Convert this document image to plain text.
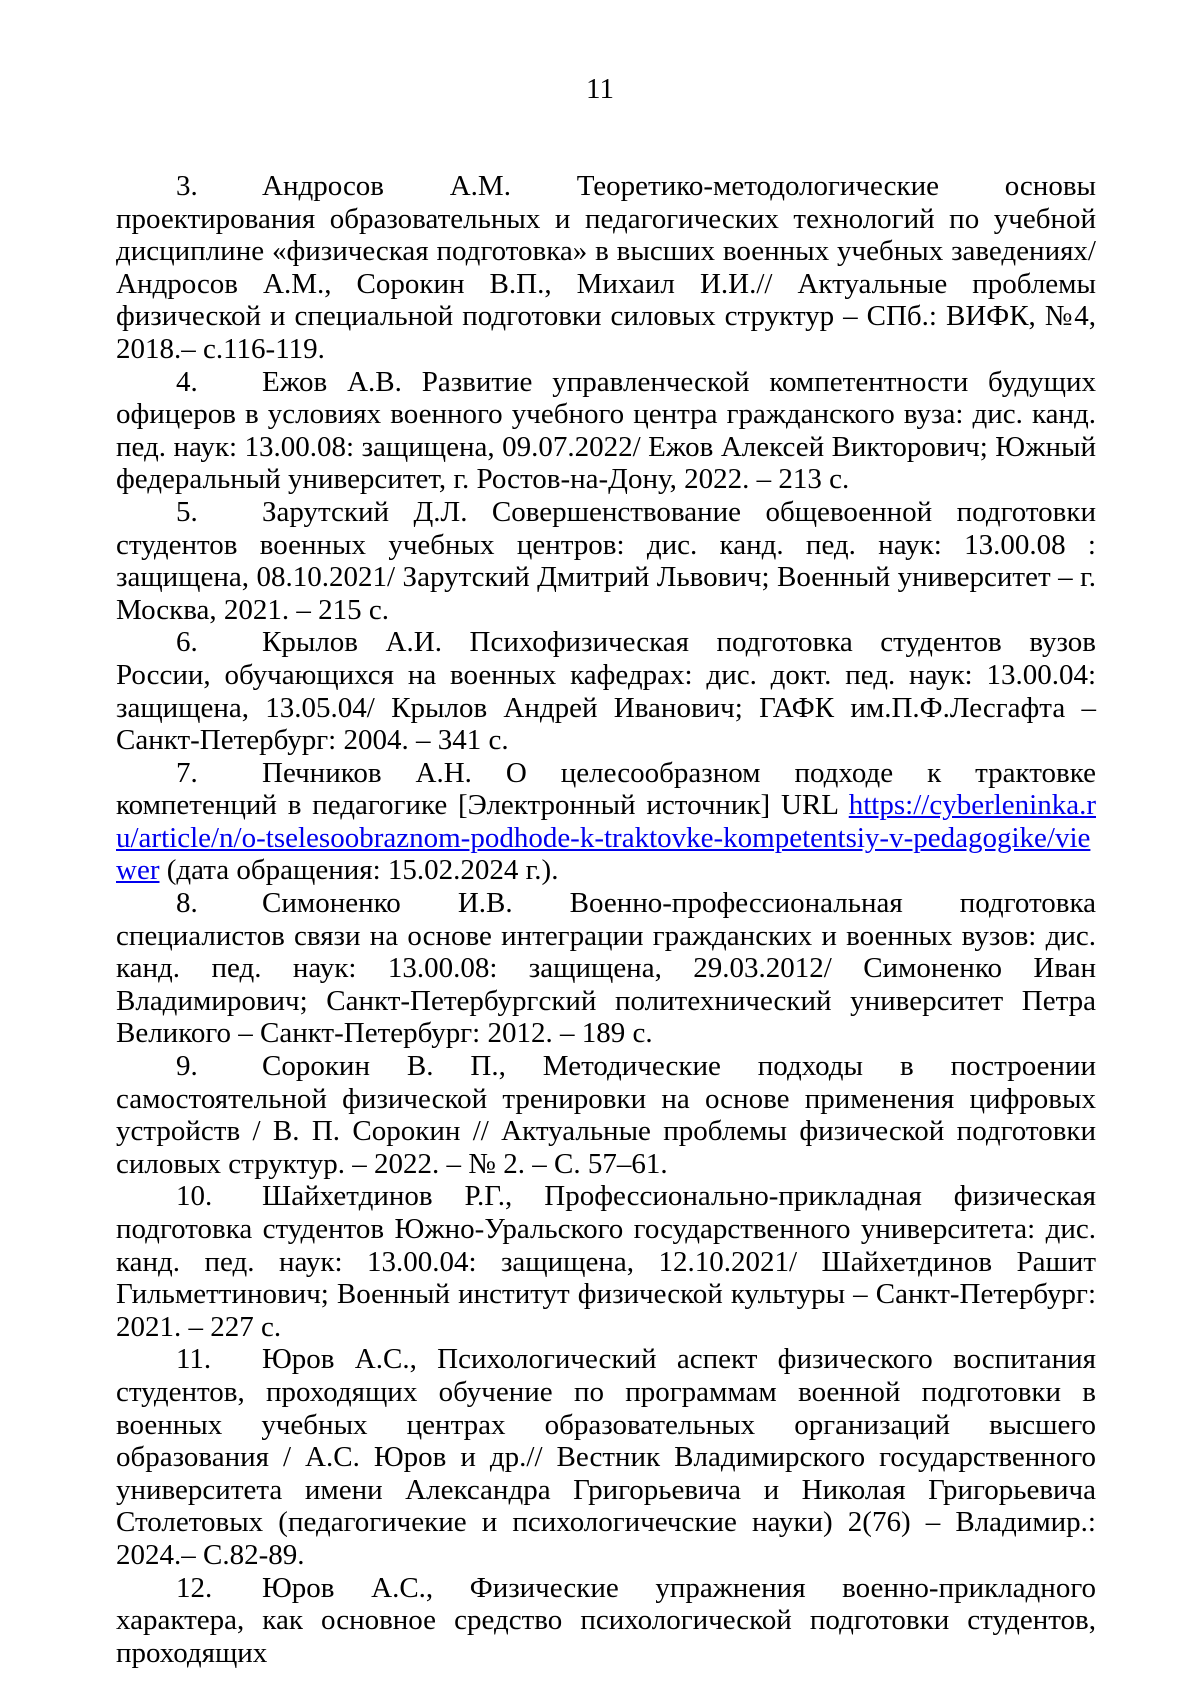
11

3. Андросов А.М. Теоретико-методологические основы проектирования образовательных и педагогических технологий по учебной дисциплине «физическая подготовка» в высших военных учебных заведениях/ Андросов А.М., Сорокин В.П., Михаил И.И.// Актуальные проблемы физической и специальной подготовки силовых структур – СПб.: ВИФК, №4, 2018.– с.116-119.

4. Ежов А.В. Развитие управленческой компетентности будущих офицеров в условиях военного учебного центра гражданского вуза: дис. канд. пед. наук: 13.00.08: защищена, 09.07.2022/ Ежов Алексей Викторович; Южный федеральный университет, г. Ростов-на-Дону, 2022. – 213 с.

5. Зарутский Д.Л. Совершенствование общевоенной подготовки студентов военных учебных центров: дис. канд. пед. наук: 13.00.08 : защищена, 08.10.2021/ Зарутский Дмитрий Львович; Военный университет – г. Москва, 2021. – 215 с.

6. Крылов А.И. Психофизическая подготовка студентов вузов России, обучающихся на военных кафедрах: дис. докт. пед. наук: 13.00.04: защищена, 13.05.04/ Крылов Андрей Иванович; ГАФК им.П.Ф.Лесгафта – Санкт-Петербург: 2004. – 341 с.

7. Печников А.Н. О целесообразном подходе к трактовке компетенций в педагогике [Электронный источник] URL https://cyberleninka.ru/article/n/o-tselesoobraznom-podhode-k-traktovke-kompetentsiy-v-pedagogike/viewer (дата обращения: 15.02.2024 г.).

8. Симоненко И.В. Военно-профессиональная подготовка специалистов связи на основе интеграции гражданских и военных вузов: дис. канд. пед. наук: 13.00.08: защищена, 29.03.2012/ Симоненко Иван Владимирович; Санкт-Петербургский политехнический университет Петра Великого – Санкт-Петербург: 2012. – 189 с.

9. Сорокин В. П., Методические подходы в построении самостоятельной физической тренировки на основе применения цифровых устройств / В. П. Сорокин // Актуальные проблемы физической подготовки силовых структур. – 2022. – № 2. – С. 57–61.

10. Шайхетдинов Р.Г., Профессионально-прикладная физическая подготовка студентов Южно-Уральского государственного университета: дис. канд. пед. наук: 13.00.04: защищена, 12.10.2021/ Шайхетдинов Рашит Гильметтинович; Военный институт физической культуры – Санкт-Петербург: 2021. – 227 с.

11. Юров А.С., Психологический аспект физического воспитания студентов, проходящих обучение по программам военной подготовки в военных учебных центрах образовательных организаций высшего образования / А.С. Юров и др.// Вестник Владимирского государственного университета имени Александра Григорьевича и Николая Григорьевича Столетовых (педагогичекие и психологичечские науки) 2(76) – Владимир.: 2024.– С.82-89.

12. Юров А.С., Физические упражнения военно-прикладного характера, как основное средство психологической подготовки студентов, проходящих
